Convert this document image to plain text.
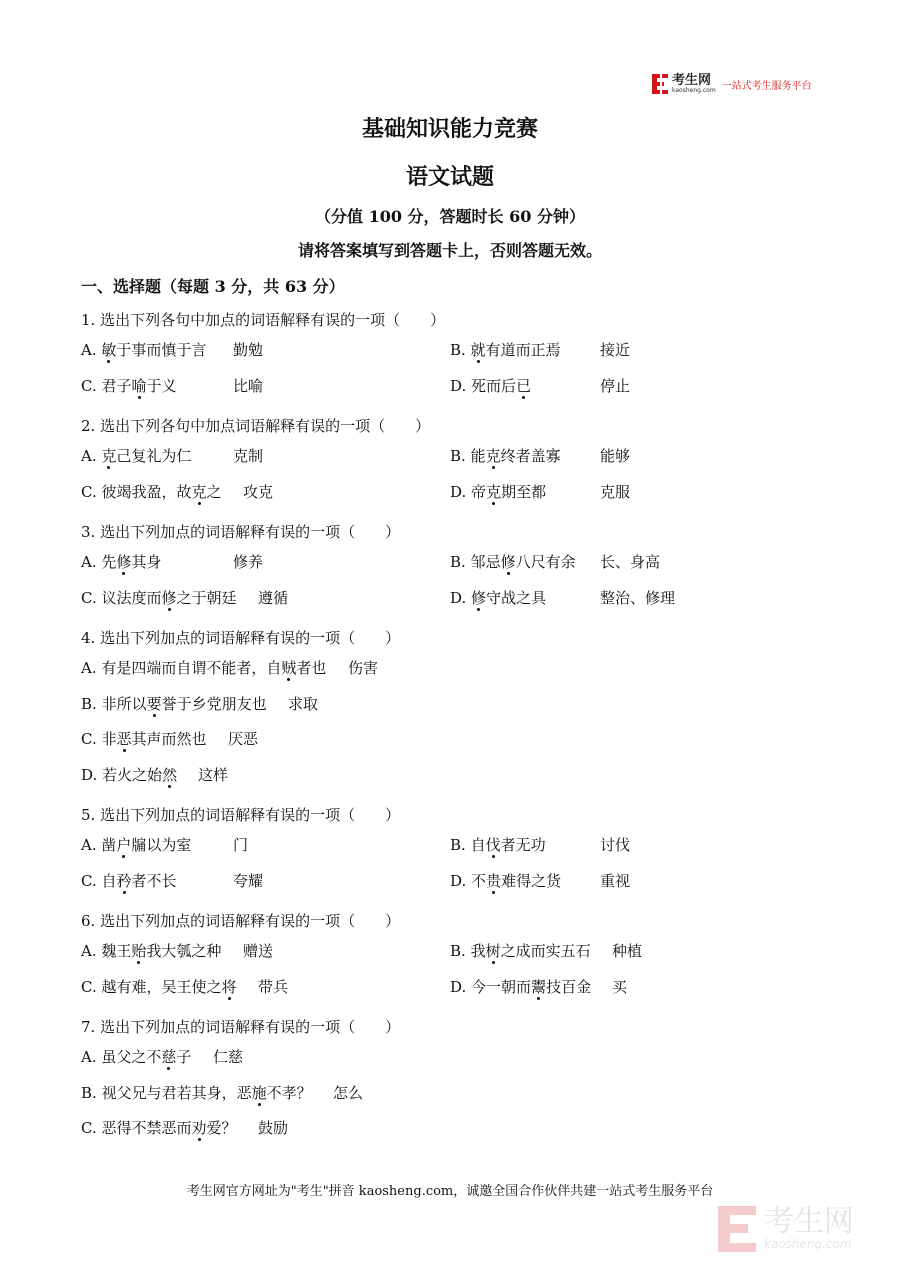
考生网
kaosheng.com 一站式考生服务平台
基础知识能力竞赛
语文试题
（分值 100 分，答题时长 60 分钟）
请将答案填写到答题卡上，否则答题无效。
一、选择题（每题 3 分，共 63 分）
1. 选出下列各句中加点的词语解释有误的一项（　　）
A. 敏于事而慎于言 勤勉	B. 就有道而正焉	接近
C. 君子喻于义	比喻	D. 死而后已	停止
2. 选出下列各句中加点词语解释有误的一项（　　）
A. 克己复礼为仁	克制	B. 能克终者盖寡	能够
C. 彼竭我盈，故克之 攻克	D. 帝克期至都	克服
3. 选出下列加点的词语解释有误的一项（　　）
A. 先修其身	修养	B. 邹忌修八尺有余 长、身高
C. 议法度而修之于朝廷 遵循	D. 修守战之具	整治、修理
4. 选出下列加点的词语解释有误的一项（　　）
A. 有是四端而自谓不能者，自贼者也 伤害
B. 非所以要誉于乡党朋友也 求取
C. 非恶其声而然也 厌恶
D. 若火之始然 这样
5. 选出下列加点的词语解释有误的一项（　　）
A. 凿户牖以为室	门	B. 自伐者无功	讨伐
C. 自矜者不长	夸耀	D. 不贵难得之货	重视
6. 选出下列加点的词语解释有误的一项（　　）
A. 魏王贻我大瓠之种 赠送	B. 我树之成而实五石 种植
C. 越有难，吴王使之将 带兵	D. 今一朝而鬻技百金 买
7. 选出下列加点的词语解释有误的一项（　　）
A. 虽父之不慈子 仁慈
B. 视父兄与君若其身，恶施不孝？ 怎么
C. 恶得不禁恶而劝爱？ 鼓励
考生网官方网址为"考生"拼音 kaosheng.com，诚邀全国合作伙伴共建一站式考生服务平台
考生网
kaosheng.com
